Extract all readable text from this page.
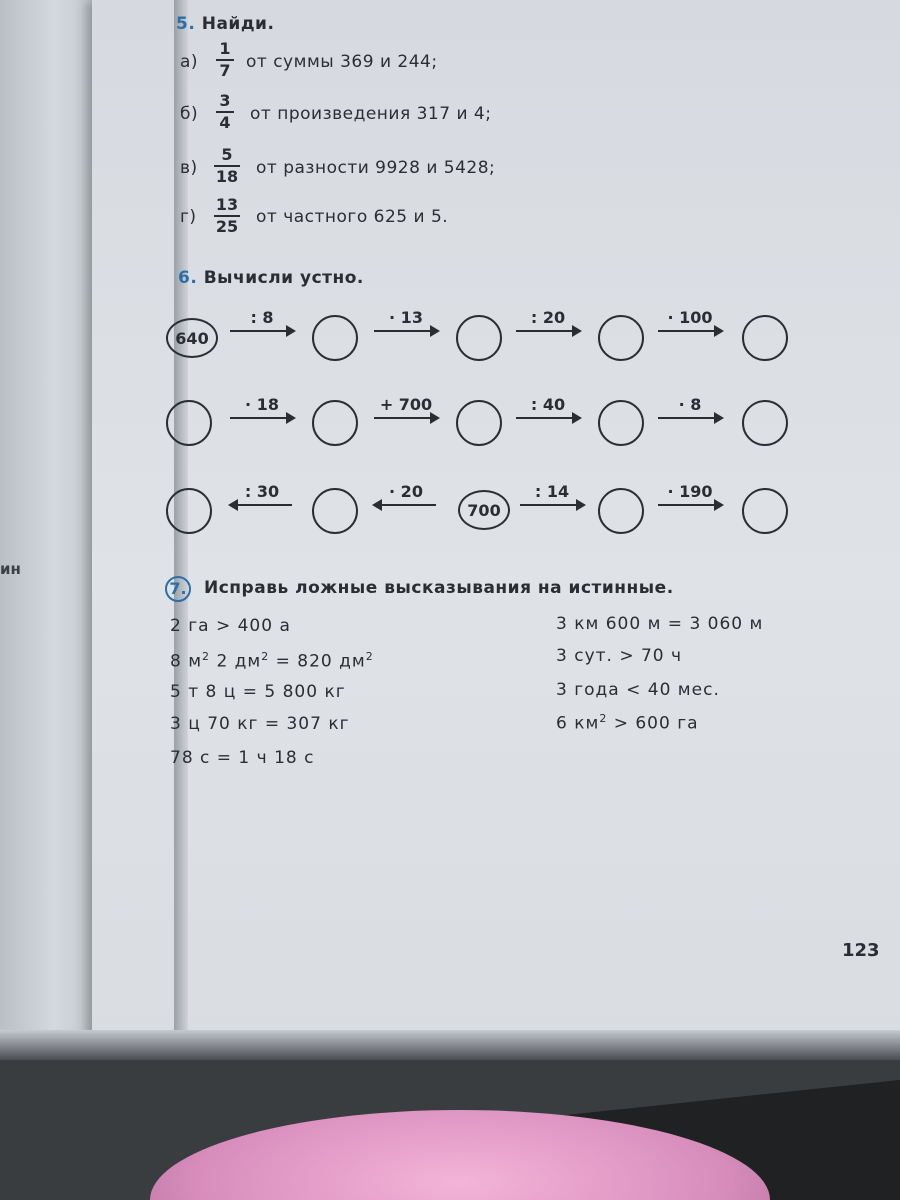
ин
5. Найди.
а)
1
7 от суммы 369 и 244;
б)
3
4 от произведения 317 и 4;
в)
5
18 от разности 9928 и 5428;
г)
13
25 от частного 625 и 5.
6. Вычисли устно.
640
: 8	· 13	: 20	· 100
· 18	+ 700	: 40	· 8
: 30	· 20
700
: 14	· 190
7. Исправь ложные высказывания на истинные.
2 га > 400 а
8 $м^2$ 2 $дм^2 = 820$ $дм^2$
5 т 8 ц = 5 800 кг
3 ц 70 кг = 307 кг
78 с = 1 ч 18 с
3 км 600 м = 3 060 м
3 сут. > 70 ч
3 года < 40 мес.
6 $км^2 > 600$ га
123
